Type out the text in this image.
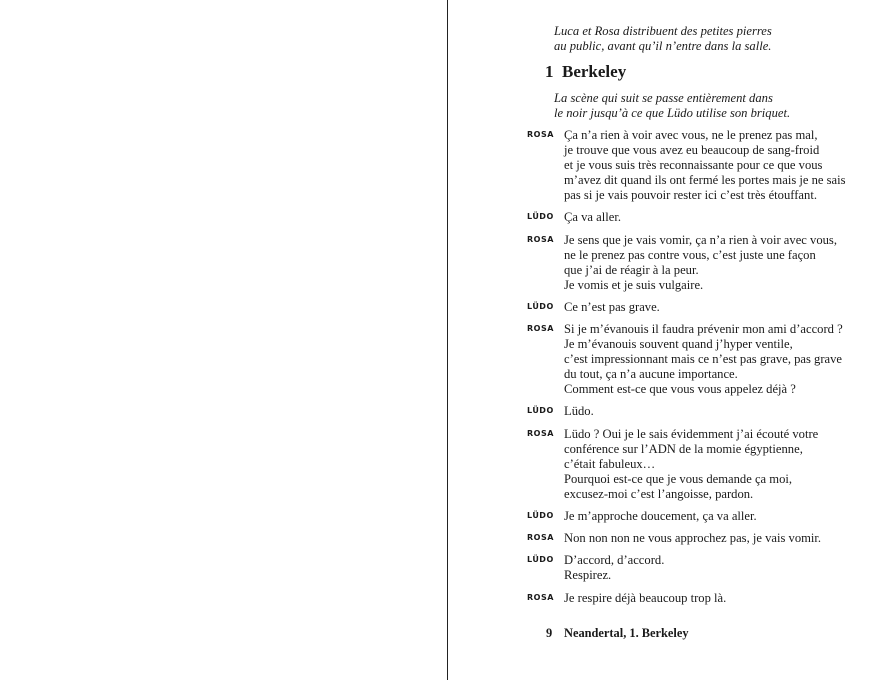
Luca et Rosa distribuent des petites pierres
au public, avant qu’il n’entre dans la salle.
1 Berkeley
La scène qui suit se passe entièrement dans
le noir jusqu’à ce que Lüdo utilise son briquet.
ROSA Ça n’a rien à voir avec vous, ne le prenez pas mal,
je trouve que vous avez eu beaucoup de sang-froid
et je vous suis très reconnaissante pour ce que vous
m’avez dit quand ils ont fermé les portes mais je ne sais
pas si je vais pouvoir rester ici c’est très étouffant.
LÜDO Ça va aller.
ROSA Je sens que je vais vomir, ça n’a rien à voir avec vous,
ne le prenez pas contre vous, c’est juste une façon
que j’ai de réagir à la peur.
Je vomis et je suis vulgaire.
LÜDO Ce n’est pas grave.
ROSA Si je m’évanouis il faudra prévenir mon ami d’accord ?
Je m’évanouis souvent quand j’hyper ventile,
c’est impressionnant mais ce n’est pas grave, pas grave
du tout, ça n’a aucune importance.
Comment est-ce que vous vous appelez déjà ?
LÜDO Lüdo.
ROSA Lüdo ? Oui je le sais évidemment j’ai écouté votre
conférence sur l’ADN de la momie égyptienne,
c’était fabuleux…
Pourquoi est-ce que je vous demande ça moi,
excusez-moi c’est l’angoisse, pardon.
LÜDO Je m’approche doucement, ça va aller.
ROSA Non non non ne vous approchez pas, je vais vomir.
LÜDO D’accord, d’accord.
Respirez.
ROSA Je respire déjà beaucoup trop là.
9 Neandertal, 1. Berkeley
